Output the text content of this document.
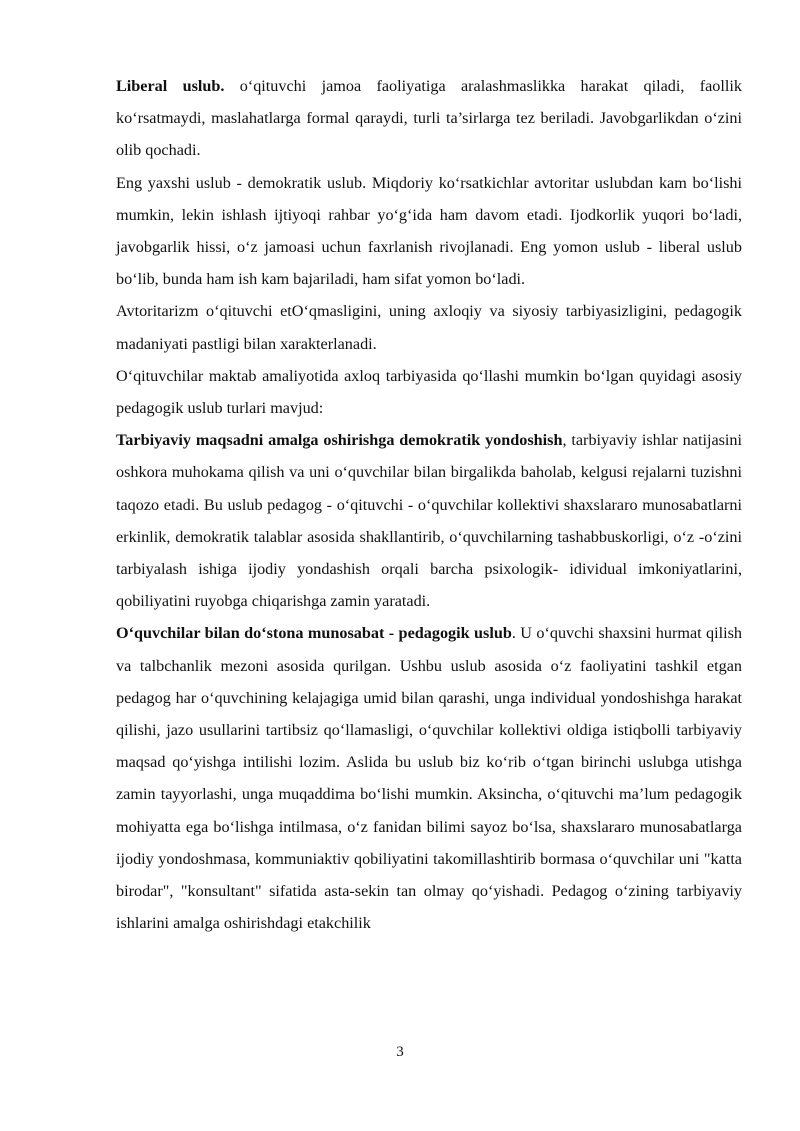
Liberal uslub. o‘qituvchi jamoa faoliyatiga aralashmaslikka harakat qiladi, faollik ko‘rsatmaydi, maslahatlarga formal qaraydi, turli ta’sirlarga tez beriladi. Javobgarlikdan o‘zini olib qochadi.

Eng yaxshi uslub - demokratik uslub. Miqdoriy ko‘rsatkichlar avtoritar uslubdan kam bo‘lishi mumkin, lekin ishlash ijtiyoqi rahbar yo‘g‘ida ham davom etadi. Ijodkorlik yuqori bo‘ladi, javobgarlik hissi, o‘z jamoasi uchun faxrlanish rivojlanadi. Eng yomon uslub - liberal uslub bo‘lib, bunda ham ish kam bajariladi, ham sifat yomon bo‘ladi.

Avtoritarizm o‘qituvchi etO‘qmasligini, uning axloqiy va siyosiy tarbiyasizligini, pedagogik madaniyati pastligi bilan xarakterlanadi.

O‘qituvchilar maktab amaliyotida axloq tarbiyasida qo‘llashi mumkin bo‘lgan quyidagi asosiy pedagogik uslub turlari mavjud:

Tarbiyaviy maqsadni amalga oshirishga demokratik yondoshish, tarbiyaviy ishlar natijasini oshkora muhokama qilish va uni o‘quvchilar bilan birgalikda baholab, kelgusi rejalarni tuzishni taqozo etadi. Bu uslub pedagog - o‘qituvchi - o‘quvchilar kollektivi shaxslararo munosabatlarni erkinlik, demokratik talablar asosida shakllantirib, o‘quvchilarning tashabbuskorligi, o‘z -o‘zini tarbiyalash ishiga ijodiy yondashish orqali barcha psixologik- idividual imkoniyatlarini, qobiliyatini ruyobga chiqarishga zamin yaratadi.

O‘quvchilar bilan do‘stona munosabat - pedagogik uslub. U o‘quvchi shaxsini hurmat qilish va talbchanlik mezoni asosida qurilgan. Ushbu uslub asosida o‘z faoliyatini tashkil etgan pedagog har o‘quvchining kelajagiga umid bilan qarashi, unga individual yondoshishga harakat qilishi, jazo usullarini tartibsiz qo‘llamasligi, o‘quvchilar kollektivi oldiga istiqbolli tarbiyaviy maqsad qo‘yishga intilishi lozim. Aslida bu uslub biz ko‘rib o‘tgan birinchi uslubga utishga zamin tayyorlashi, unga muqaddima bo‘lishi mumkin. Aksincha, o‘qituvchi ma’lum pedagogik mohiyatta ega bo‘lishga intilmasa, o‘z fanidan bilimi sayoz bo‘lsa, shaxslararo munosabatlarga ijodiy yondoshmasa, kommuniaktiv qobiliyatini takomillashtirib bormasa o‘quvchilar uni "katta birodar", "konsultant" sifatida asta-sekin tan olmay qo‘yishadi. Pedagog o‘zining tarbiyaviy ishlarini amalga oshirishdagi etakchilik

3
